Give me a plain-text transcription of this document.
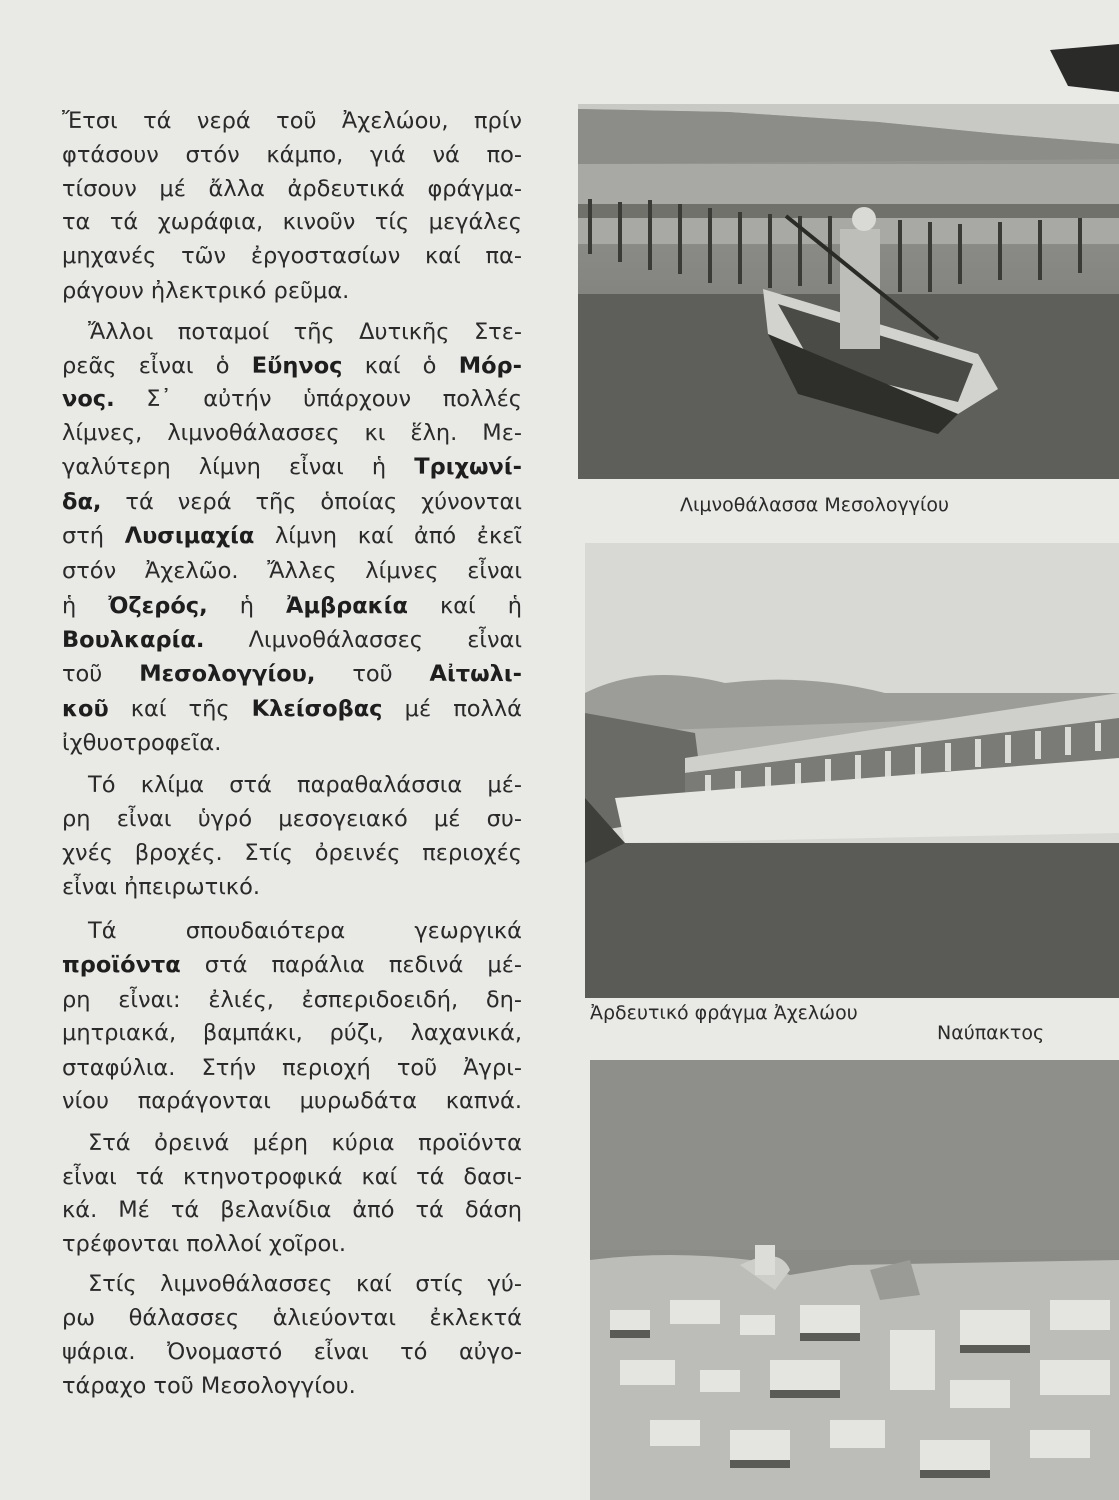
Ἔτσι τά νερά τοῦ Ἀχελώου, πρίν
φτάσουν στόν κάμπο, γιά νά πο-
τίσουν μέ ἄλλα ἀρδευτικά φράγμα-
τα τά χωράφια, κινοῦν τίς μεγάλες
μηχανές τῶν ἐργοστασίων καί πα-
ράγουν ἠλεκτρικό ρεῦμα.
Ἄλλοι ποταμοί τῆς Δυτικῆς Στε-
ρεᾶς εἶναι ὁ Εὔηνος καί ὁ Μόρ-
νος. Σ᾽ αὐτήν ὑπάρχουν πολλές
λίμνες, λιμνοθάλασσες κι ἕλη. Με-
γαλύτερη λίμνη εἶναι ἡ Τριχωνί-
δα, τά νερά τῆς ὁποίας χύνονται
στή Λυσιμαχία λίμνη καί ἀπό ἐκεῖ
στόν Ἀχελῶο. Ἄλλες λίμνες εἶναι
ἡ Ὀζερός, ἡ Ἀμβρακία καί ἡ
Βουλκαρία. Λιμνοθάλασσες εἶναι
τοῦ Μεσολογγίου, τοῦ Αἰτωλι-
κοῦ καί τῆς Κλείσοβας μέ πολλά
ἰχθυοτροφεῖα.
Τό κλίμα στά παραθαλάσσια μέ-
ρη εἶναι ὑγρό μεσογειακό μέ συ-
χνές βροχές. Στίς ὀρεινές περιοχές
εἶναι ἠπειρωτικό.
Τά σπουδαιότερα γεωργικά
προϊόντα στά παράλια πεδινά μέ-
ρη εἶναι: ἐλιές, ἐσπεριδοειδή, δη-
μητριακά, βαμπάκι, ρύζι, λαχανικά,
σταφύλια. Στήν περιοχή τοῦ Ἀγρι-
νίου παράγονται μυρωδάτα καπνά.
Στά ὀρεινά μέρη κύρια προϊόντα
εἶναι τά κτηνοτροφικά καί τά δασι-
κά. Μέ τά βελανίδια ἀπό τά δάση
τρέφονται πολλοί χοῖροι.
Στίς λιμνοθάλασσες καί στίς γύ-
ρω θάλασσες ἁλιεύονται ἐκλεκτά
ψάρια. Ὀνομαστό εἶναι τό αὐγο-
τάραχο τοῦ Μεσολογγίου.
Λιμνοθάλασσα Μεσολογγίου
Ἀρδευτικό φράγμα Ἀχελώου
Ναύπακτος
